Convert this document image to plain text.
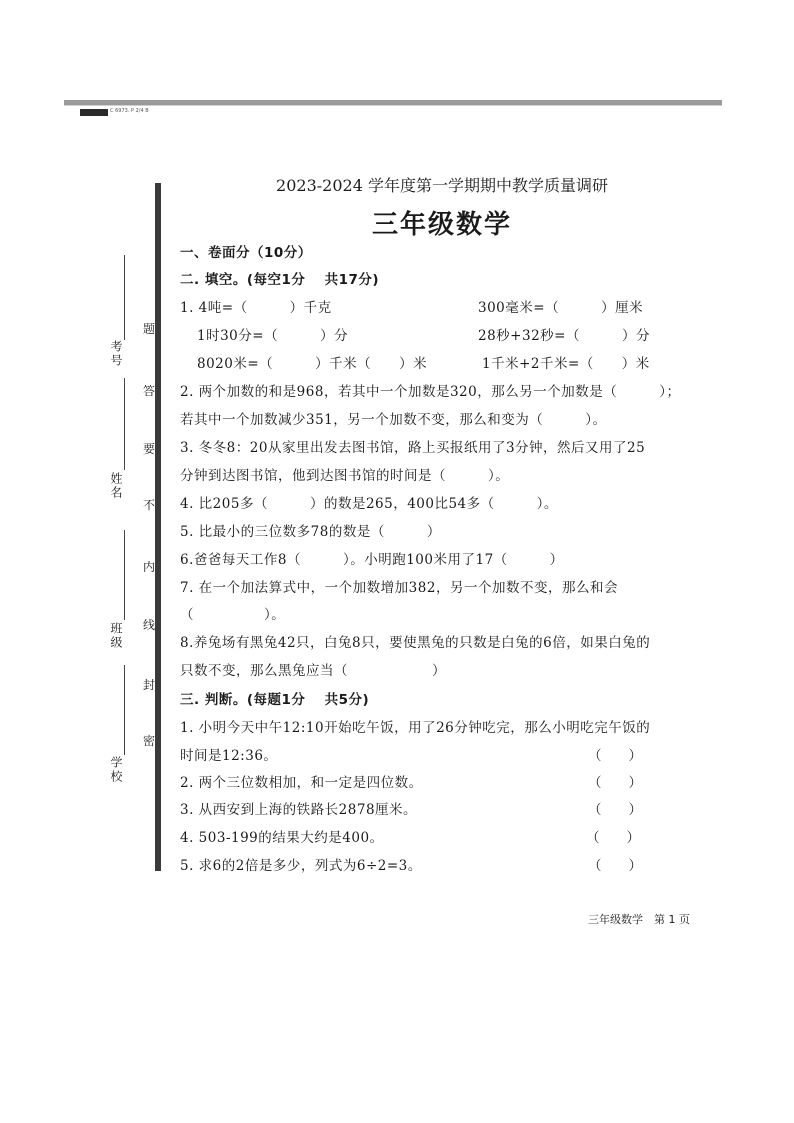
C 6973. P 2/4 B
考号
姓名
班级
学校
题
答
要
不
内
线
封
密
2023-2024 学年度第一学期期中教学质量调研
三年级数学
一、卷面分（10分）
二. 填空。(每空1分　 共17分)
1. 4吨=（　　　）千克	300毫米=（　　　）厘米
1时30分=（　　　）分	28秒+32秒=（　　　）分
8020米=（　　　）千米（　　）米	1千米+2千米=（　　）米
2. 两个加数的和是968，若其中一个加数是320，那么另一个加数是（　　　）；
若其中一个加数减少351，另一个加数不变，那么和变为（　　　）。
3. 冬冬8：20从家里出发去图书馆，路上买报纸用了3分钟，然后又用了25
分钟到达图书馆，他到达图书馆的时间是（　　　）。
4. 比205多（　　　）的数是265，400比54多（　　　）。
5. 比最小的三位数多78的数是（　　　）
6.爸爸每天工作8（　　　）。小明跑100米用了17（　　　）
7. 在一个加法算式中，一个加数增加382，另一个加数不变，那么和会
（　　　　　）。
8.养兔场有黑兔42只，白兔8只，要使黑兔的只数是白兔的6倍，如果白兔的
只数不变，那么黑兔应当（　　　　　　）
三. 判断。(每题1分　 共5分)
1. 小明今天中午12:10开始吃午饭，用了26分钟吃完，那么小明吃完午饭的
时间是12:36。	（　　）
2. 两个三位数相加，和一定是四位数。	（　　）
3. 从西安到上海的铁路长2878厘米。	（　　）
4. 503-199的结果大约是400。	（　　）
5. 求6的2倍是多少，列式为6÷2=3。	（　　）
三年级数学　第 1 页
